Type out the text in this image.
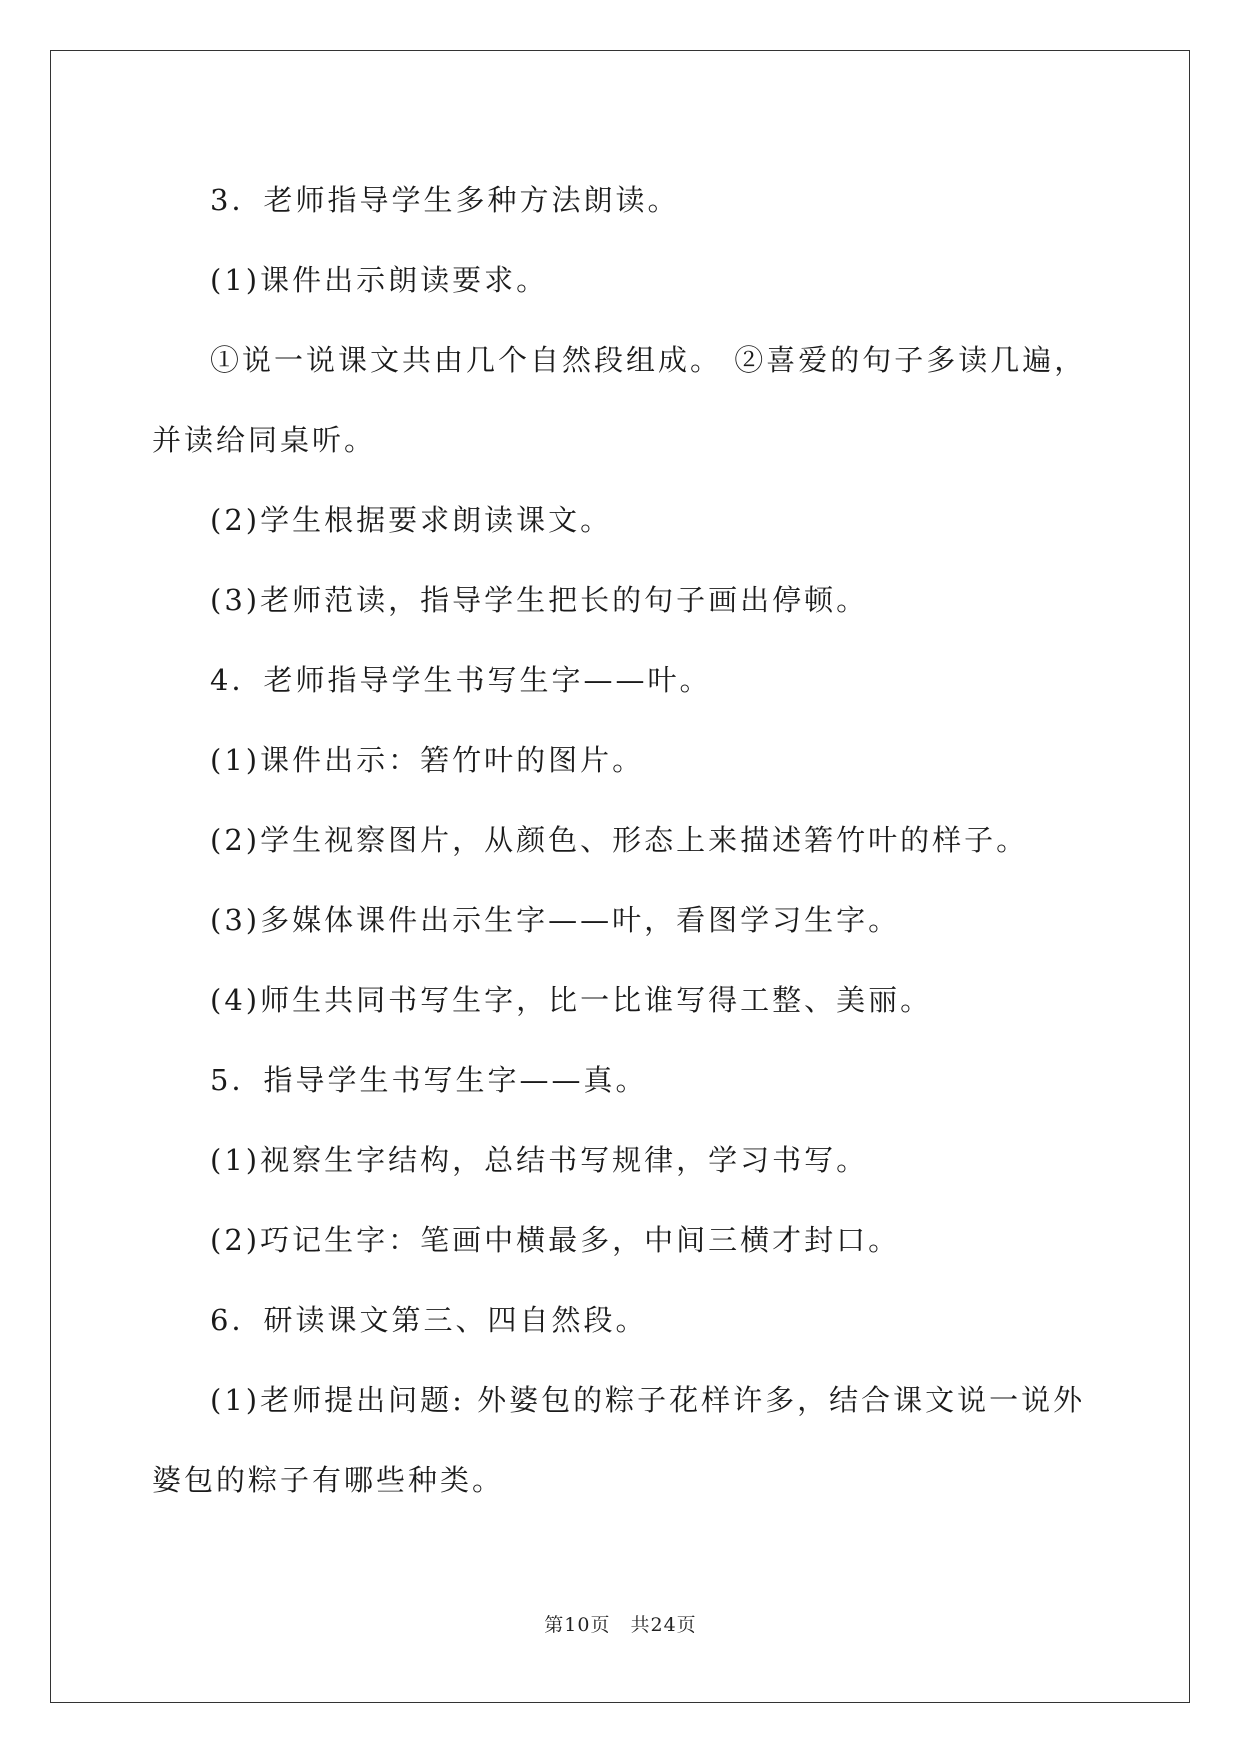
3．老师指导学生多种方法朗读。

(1)课件出示朗读要求。

①说一说课文共由几个自然段组成。 ②喜爱的句子多读几遍，并读给同桌听。

(2)学生根据要求朗读课文。

(3)老师范读，指导学生把长的句子画出停顿。

4．老师指导学生书写生字——叶。

(1)课件出示：箬竹叶的图片。

(2)学生视察图片，从颜色、形态上来描述箬竹叶的样子。

(3)多媒体课件出示生字——叶，看图学习生字。

(4)师生共同书写生字，比一比谁写得工整、美丽。

5．指导学生书写生字——真。

(1)视察生字结构，总结书写规律，学习书写。

(2)巧记生字：笔画中横最多，中间三横才封口。

6．研读课文第三、四自然段。

(1)老师提出问题: 外婆包的粽子花样许多，结合课文说一说外婆包的粽子有哪些种类。

第10页　 共24页
